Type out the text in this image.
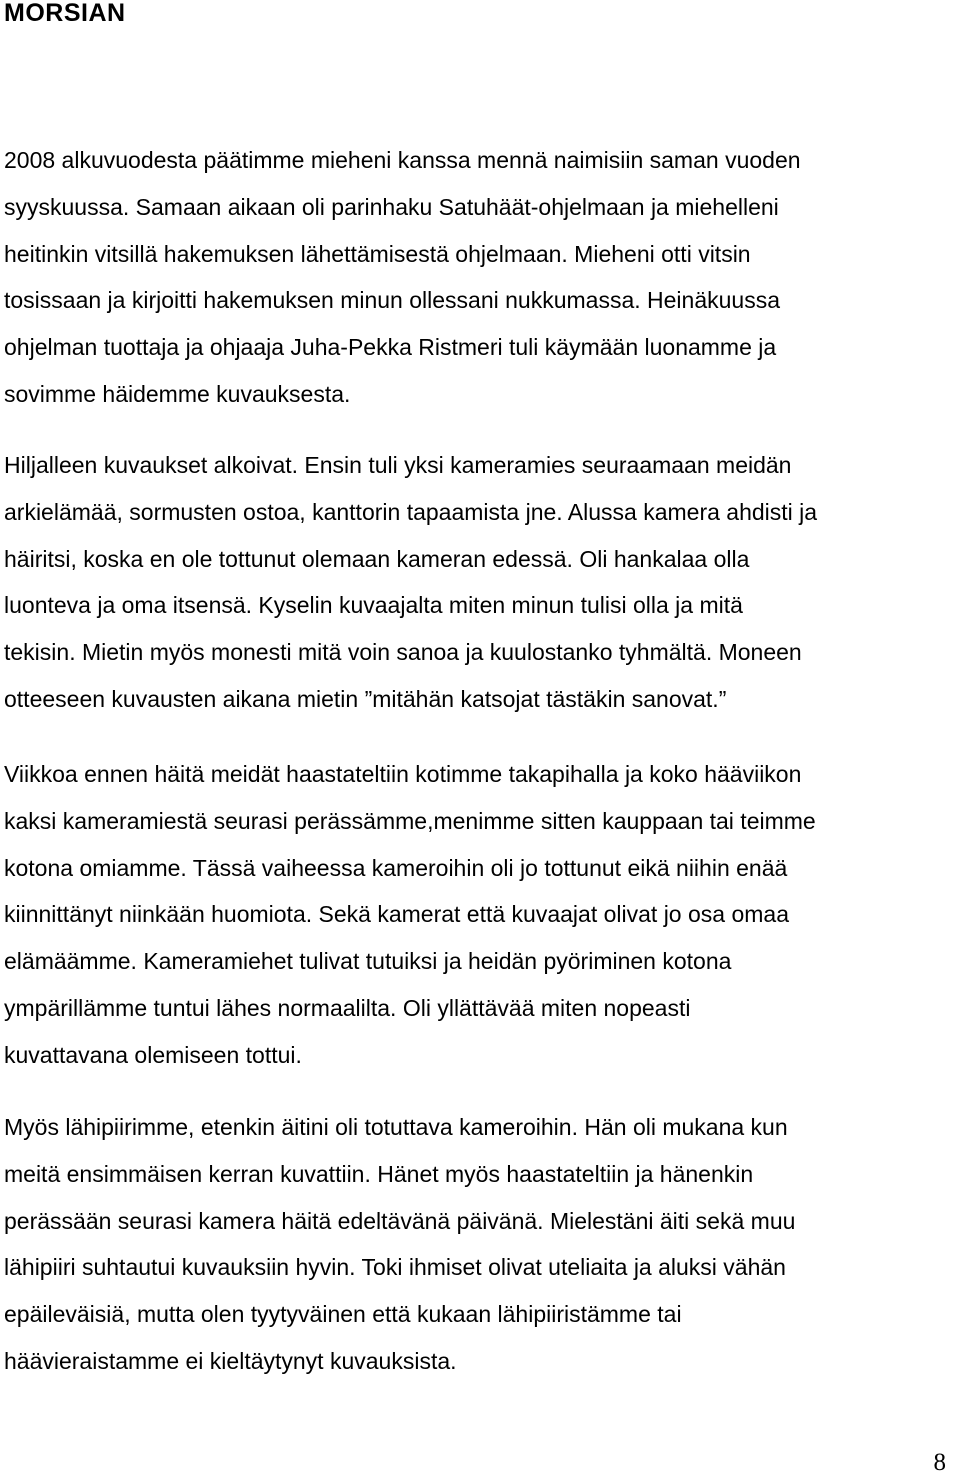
MORSIAN

2008 alkuvuodesta päätimme mieheni kanssa mennä naimisiin saman vuoden
syyskuussa. Samaan aikaan oli parinhaku Satuhäät-ohjelmaan ja miehelleni
heitinkin vitsillä hakemuksen lähettämisestä ohjelmaan. Mieheni otti vitsin
tosissaan ja kirjoitti hakemuksen minun ollessani nukkumassa. Heinäkuussa
ohjelman tuottaja ja ohjaaja Juha-Pekka Ristmeri tuli käymään luonamme ja
sovimme häidemme kuvauksesta.

Hiljalleen kuvaukset alkoivat. Ensin tuli yksi kameramies seuraamaan meidän
arkielämää, sormusten ostoa, kanttorin tapaamista jne. Alussa kamera ahdisti ja
häiritsi, koska en ole tottunut olemaan kameran edessä. Oli hankalaa olla
luonteva ja oma itsensä. Kyselin kuvaajalta miten minun tulisi olla ja mitä
tekisin. Mietin myös monesti mitä voin sanoa ja kuulostanko tyhmältä. Moneen
otteeseen kuvausten aikana mietin ”mitähän katsojat tästäkin sanovat.”

Viikkoa ennen häitä meidät haastateltiin kotimme takapihalla ja koko hääviikon
kaksi kameramiestä seurasi perässämme,menimme sitten kauppaan tai teimme
kotona omiamme. Tässä vaiheessa kameroihin oli jo tottunut eikä niihin enää
kiinnittänyt niinkään huomiota. Sekä kamerat että kuvaajat olivat jo osa omaa
elämäämme. Kameramiehet tulivat tutuiksi ja heidän pyöriminen kotona
ympärillämme tuntui lähes normaalilta. Oli yllättävää miten nopeasti
kuvattavana olemiseen tottui.

Myös lähipiirimme, etenkin äitini oli totuttava kameroihin. Hän oli mukana kun
meitä ensimmäisen kerran kuvattiin. Hänet myös haastateltiin ja hänenkin
perässään seurasi kamera häitä edeltävänä päivänä. Mielestäni äiti sekä muu
lähipiiri suhtautui kuvauksiin hyvin. Toki ihmiset olivat uteliaita ja aluksi vähän
epäileväisiä, mutta olen tyytyväinen että kukaan lähipiiristämme tai
häävieraistamme ei kieltäytynyt kuvauksista.

8
